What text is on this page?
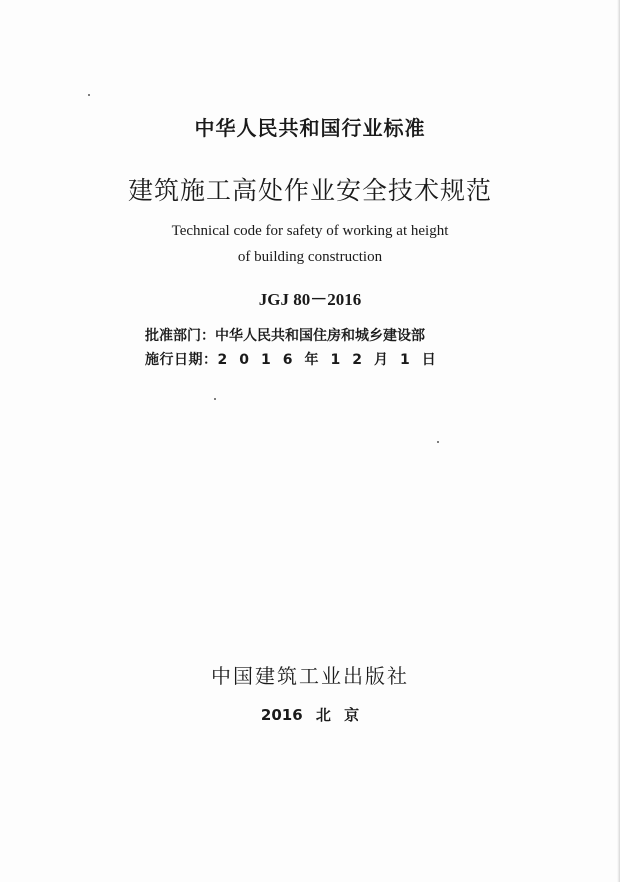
中华人民共和国行业标准
建筑施工高处作业安全技术规范
Technical code for safety of working at height
of building construction
JGJ 80－2016
批准部门：中华人民共和国住房和城乡建设部
施行日期：2016年12月1日
中国建筑工业出版社
2016 北 京
